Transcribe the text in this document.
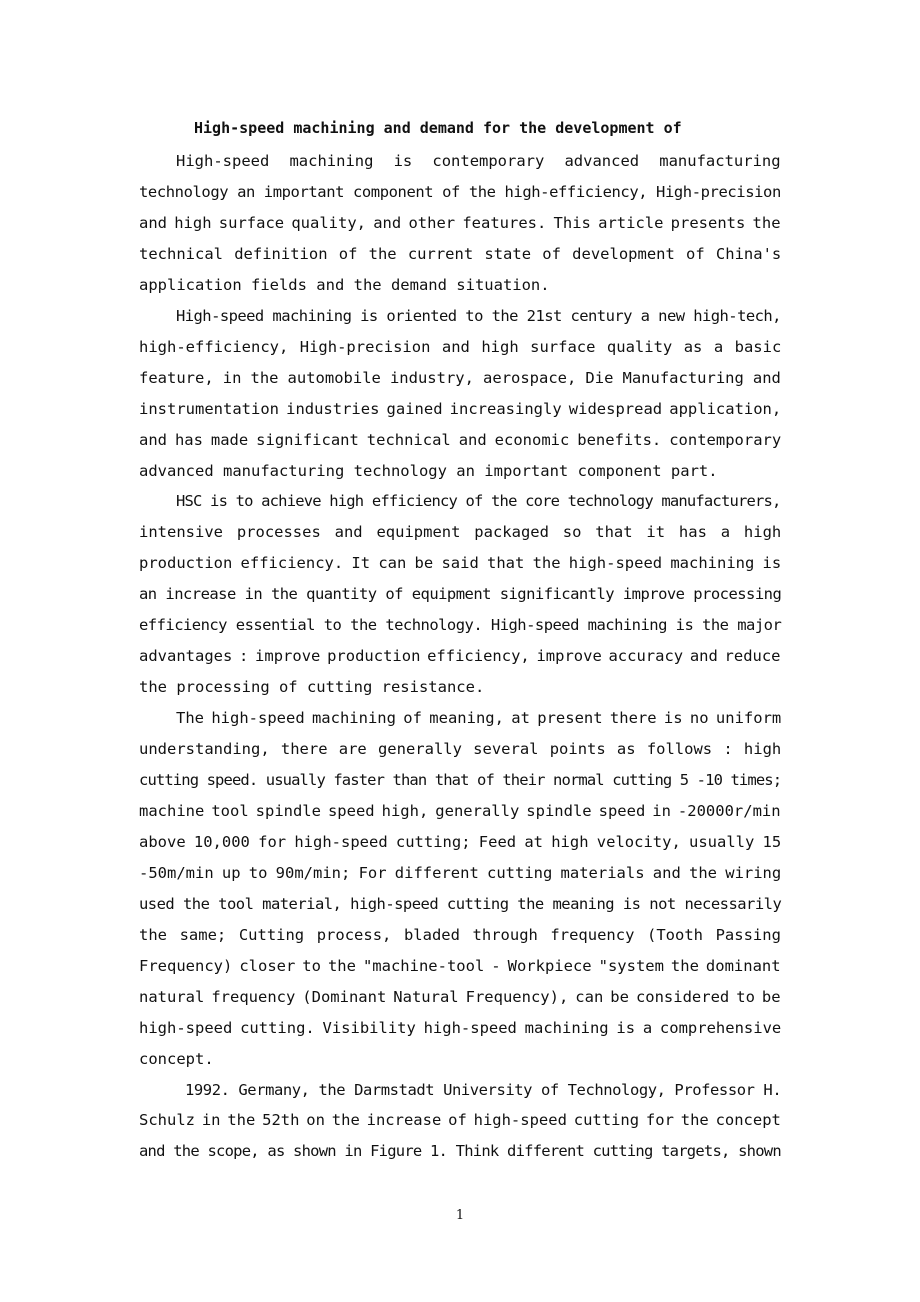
High-speed machining and demand for the development of
High-speed machining is contemporary advanced manufacturing
technology an important component of the high-efficiency, High-precision
and high surface quality, and other features. This article presents the
technical definition of the current state of development of China's
application fields and the demand situation.
High-speed machining is oriented to the 21st century a new high-tech,
high-efficiency, High-precision and high surface quality as a basic
feature, in the automobile industry, aerospace, Die Manufacturing and
instrumentation industries gained increasingly widespread application,
and has made significant technical and economic benefits. contemporary
advanced manufacturing technology an important component part.
HSC is to achieve high efficiency of the core technology manufacturers,
intensive processes and equipment packaged so that it has a high
production efficiency. It can be said that the high-speed machining is
an increase in the quantity of equipment significantly improve processing
efficiency essential to the technology. High-speed machining is the major
advantages : improve production efficiency, improve accuracy and reduce
the processing of cutting resistance.
The high-speed machining of meaning, at present there is no uniform
understanding, there are generally several points as follows : high
cutting speed. usually faster than that of their normal cutting 5 -10 times;
machine tool spindle speed high, generally spindle speed in -20000r/min
above 10,000 for high-speed cutting; Feed at high velocity, usually 15
-50m/min up to 90m/min; For different cutting materials and the wiring
used the tool material, high-speed cutting the meaning is not necessarily
the same; Cutting process, bladed through frequency (Tooth Passing
Frequency) closer to the "machine-tool - Workpiece "system the dominant
natural frequency (Dominant Natural Frequency), can be considered to be
high-speed cutting. Visibility high-speed machining is a comprehensive
concept.
1992. Germany, the Darmstadt University of Technology, Professor H.
Schulz in the 52th on the increase of high-speed cutting for the concept
and the scope, as shown in Figure 1. Think different cutting targets, shown
1
